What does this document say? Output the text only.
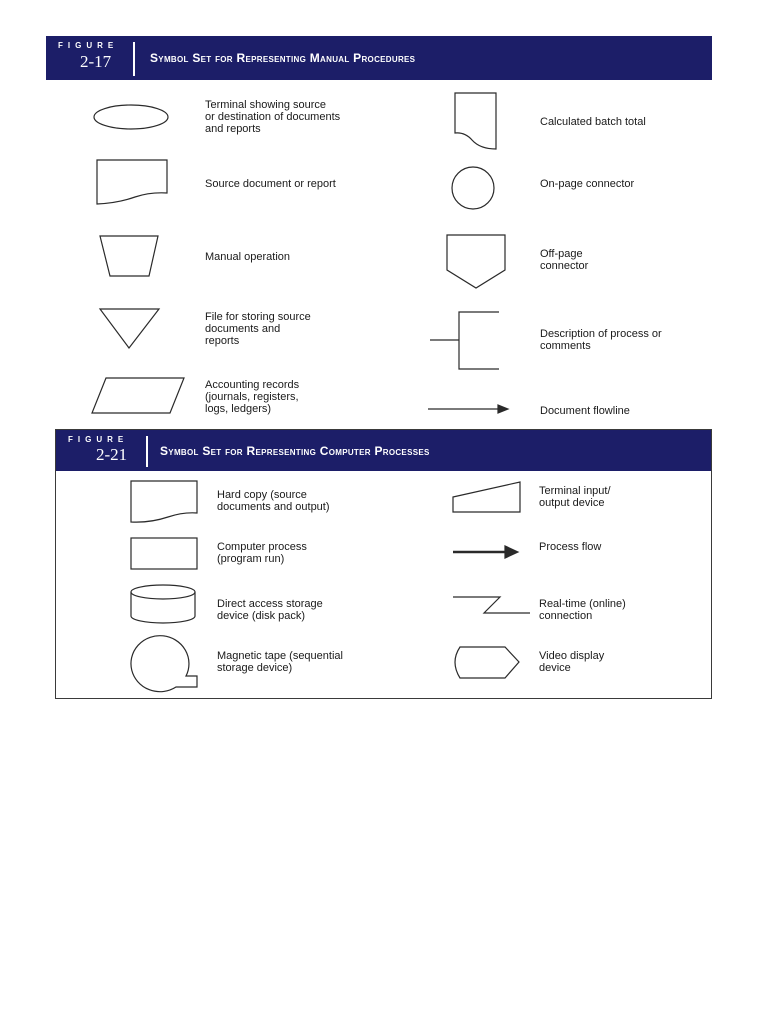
FIGURE
2-17	Symbol Set for Representing Manual Procedures
FIGURE
2-21	Symbol Set for Representing Computer Processes
Terminal showing source
or destination of documents
and reports
Source document or report
Manual operation
File for storing source
documents and
reports
Accounting records
(journals, registers,
logs, ledgers)
Calculated batch total
On-page connector
Off-page
connector
Description of process or
comments
Document flowline
Hard copy (source
documents and output)
Computer process
(program run)
Direct access storage
device (disk pack)
Magnetic tape (sequential
storage device)
Terminal input/
output device
Process flow
Real-time (online)
connection
Video display
device
